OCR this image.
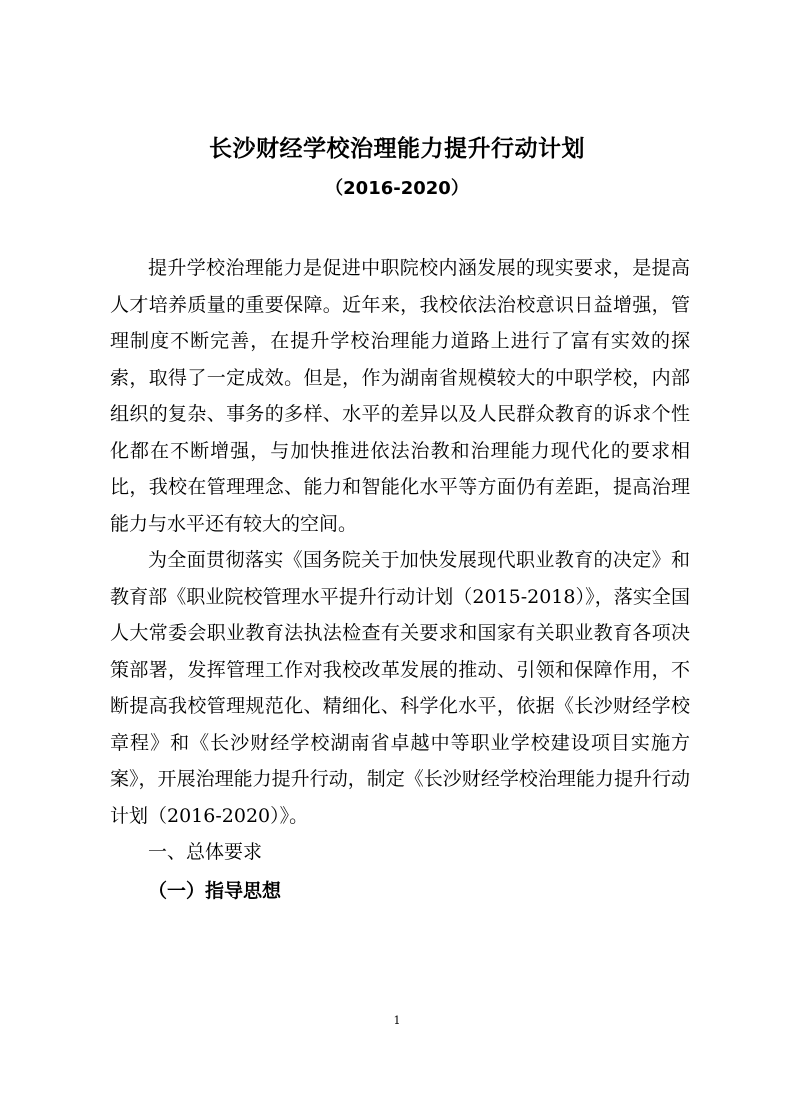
长沙财经学校治理能力提升行动计划
（2016-2020）

提升学校治理能力是促进中职院校内涵发展的现实要求，是提高人才培养质量的重要保障。近年来，我校依法治校意识日益增强，管理制度不断完善，在提升学校治理能力道路上进行了富有实效的探索，取得了一定成效。但是，作为湖南省规模较大的中职学校，内部组织的复杂、事务的多样、水平的差异以及人民群众教育的诉求个性化都在不断增强，与加快推进依法治教和治理能力现代化的要求相比，我校在管理理念、能力和智能化水平等方面仍有差距，提高治理能力与水平还有较大的空间。

为全面贯彻落实《国务院关于加快发展现代职业教育的决定》和教育部《职业院校管理水平提升行动计划（2015-2018）》，落实全国人大常委会职业教育法执法检查有关要求和国家有关职业教育各项决策部署，发挥管理工作对我校改革发展的推动、引领和保障作用，不断提高我校管理规范化、精细化、科学化水平，依据《长沙财经学校章程》和《长沙财经学校湖南省卓越中等职业学校建设项目实施方案》，开展治理能力提升行动，制定《长沙财经学校治理能力提升行动计划（2016-2020）》。

一、总体要求

（一）指导思想

1
